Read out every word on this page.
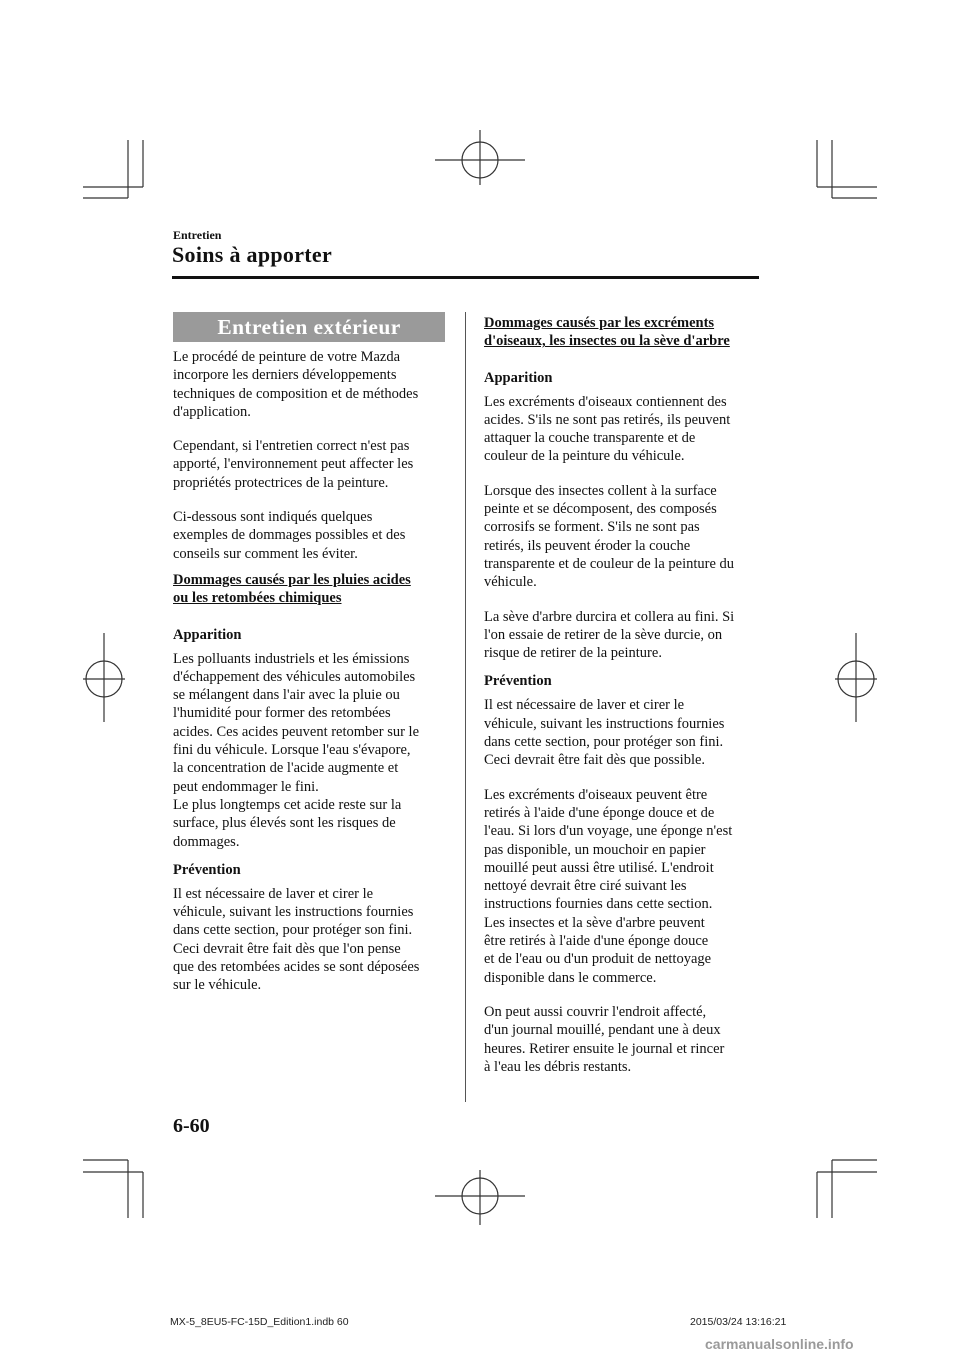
Entretien
Soins à apporter
Entretien extérieur

Le procédé de peinture de votre Mazda
incorpore les derniers développements
techniques de composition et de méthodes
d'application.

Cependant, si l'entretien correct n'est pas
apporté, l'environnement peut affecter les
propriétés protectrices de la peinture.

Ci-dessous sont indiqués quelques
exemples de dommages possibles et des
conseils sur comment les éviter.

Dommages causés par les pluies acides
ou les retombées chimiques
Apparition

Les polluants industriels et les émissions
d'échappement des véhicules automobiles
se mélangent dans l'air avec la pluie ou
l'humidité pour former des retombées
acides. Ces acides peuvent retomber sur le
fini du véhicule. Lorsque l'eau s'évapore,
la concentration de l'acide augmente et
peut endommager le fini.
Le plus longtemps cet acide reste sur la
surface, plus élevés sont les risques de
dommages.

Prévention

Il est nécessaire de laver et cirer le
véhicule, suivant les instructions fournies
dans cette section, pour protéger son fini.
Ceci devrait être fait dès que l'on pense
que des retombées acides se sont déposées
sur le véhicule.

Dommages causés par les excréments
d'oiseaux, les insectes ou la sève d'arbre
Apparition

Les excréments d'oiseaux contiennent des
acides. S'ils ne sont pas retirés, ils peuvent
attaquer la couche transparente et de
couleur de la peinture du véhicule.

Lorsque des insectes collent à la surface
peinte et se décomposent, des composés
corrosifs se forment. S'ils ne sont pas
retirés, ils peuvent éroder la couche
transparente et de couleur de la peinture du
véhicule.

La sève d'arbre durcira et collera au fini. Si
l'on essaie de retirer de la sève durcie, on
risque de retirer de la peinture.

Prévention

Il est nécessaire de laver et cirer le
véhicule, suivant les instructions fournies
dans cette section, pour protéger son fini.
Ceci devrait être fait dès que possible.

Les excréments d'oiseaux peuvent être
retirés à l'aide d'une éponge douce et de
l'eau. Si lors d'un voyage, une éponge n'est
pas disponible, un mouchoir en papier
mouillé peut aussi être utilisé. L'endroit
nettoyé devrait être ciré suivant les
instructions fournies dans cette section.
Les insectes et la sève d'arbre peuvent
être retirés à l'aide d'une éponge douce
et de l'eau ou d'un produit de nettoyage
disponible dans le commerce.

On peut aussi couvrir l'endroit affecté,
d'un journal mouillé, pendant une à deux
heures. Retirer ensuite le journal et rincer
à l'eau les débris restants.

6-60
MX-5_8EU5-FC-15D_Edition1.indb 60	2015/03/24 13:16:21
carmanualsonline.info
